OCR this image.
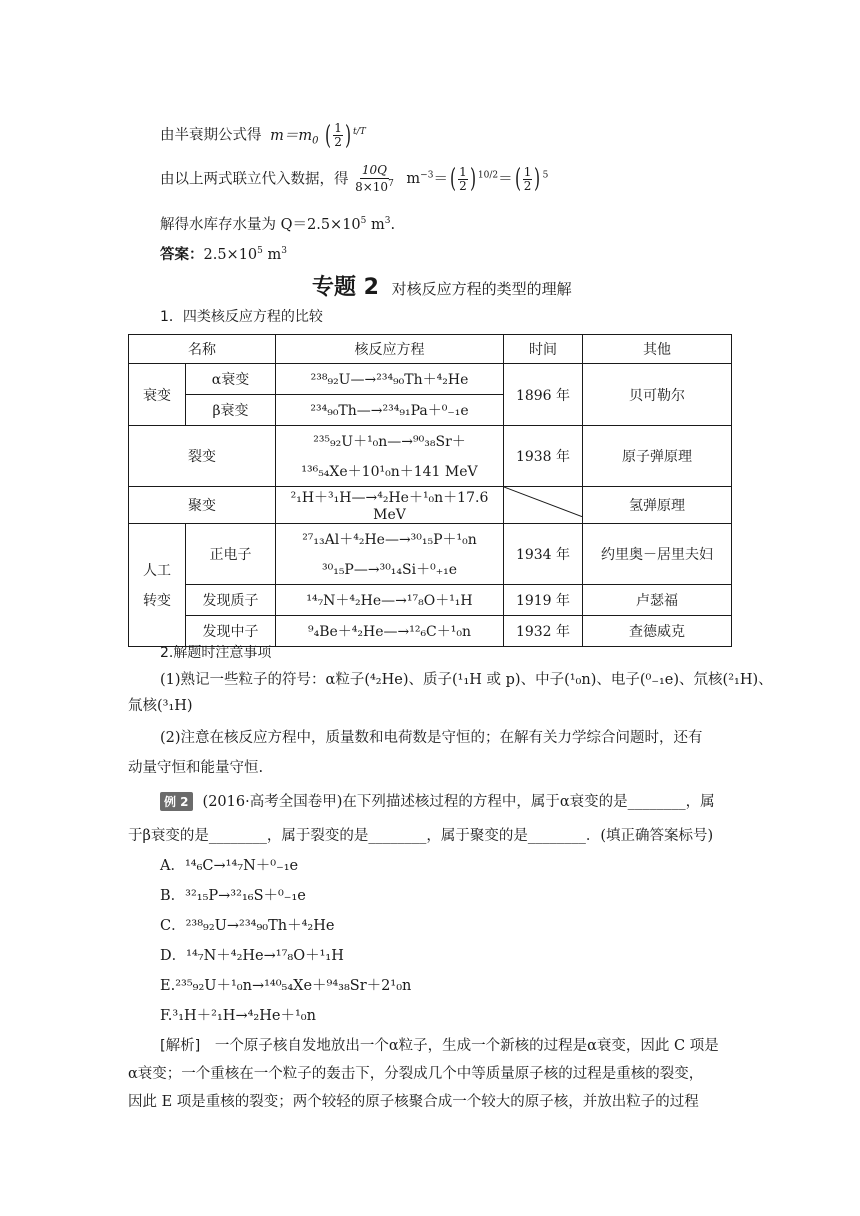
由半衰期公式得 $m=m_0$ ( 1
2 ) $^{t/T}$
由以上两式联立代入数据，得 $\frac{10Q}{8\times 10^7} m^{-3}=$ ( 1
2 ) $^{10/2}$＝ ( 1
2 ) $^5$
解得水库存水量为 $Q=2.5\times 10^5$ $m^3$.
答案：$2.5\times 10^5$ $m^3$
专题 2 对核反应方程的类型的理解
1．四类核反应方程的比较
名称		核反应方程	时间	其他
衰变	α衰变	²³⁸₉₂U—→²³⁴₉₀Th＋⁴₂He	1896 年	贝可勒尔
	β衰变	²³⁴₉₀Th—→²³⁴₉₁Pa＋⁰₋₁e		
裂变		²³⁵₉₂U＋¹₀n—→⁹⁰₃₈Sr＋	1938 年	原子弹原理
		¹³⁶₅₄Xe＋10¹₀n＋141 MeV		
聚变		²₁H＋³₁H—→⁴₂He＋¹₀n＋17.6 MeV		氢弹原理

人工
转变	正电子	²⁷₁₃Al＋⁴₂He—→³⁰₁₅P＋¹₀n	1934 年	约里奥－居里夫妇
		³⁰₁₅P—→³⁰₁₄Si＋⁰₊₁e		
	发现质子	¹⁴₇N＋⁴₂He—→¹⁷₈O＋¹₁H	1919 年	卢瑟福
	发现中子	⁹₄Be＋⁴₂He—→¹²₆C＋¹₀n	1932 年	查德威克
2.解题时注意事项
(1)熟记一些粒子的符号：α粒子(⁴₂He)、质子(¹₁H 或 p)、中子(¹₀n)、电子(⁰₋₁e)、氘核(²₁H)、
氚核(³₁H)
(2)注意在核反应方程中，质量数和电荷数是守恒的；在解有关力学综合问题时，还有
动量守恒和能量守恒.
例 2 (2016·高考全国卷甲)在下列描述核过程的方程中，属于α衰变的是________，属
于β衰变的是________，属于裂变的是________，属于聚变的是________．(填正确答案标号)
A．¹⁴₆C→¹⁴₇N＋⁰₋₁e
B．³²₁₅P→³²₁₆S＋⁰₋₁e
C．²³⁸₉₂U→²³⁴₉₀Th＋⁴₂He
D．¹⁴₇N＋⁴₂He→¹⁷₈O＋¹₁H
E.²³⁵₉₂U＋¹₀n→¹⁴⁰₅₄Xe＋⁹⁴₃₈Sr＋2¹₀n
F.³₁H＋²₁H→⁴₂He＋¹₀n
[解析]　一个原子核自发地放出一个α粒子，生成一个新核的过程是α衰变，因此 C 项是
α衰变；一个重核在一个粒子的轰击下，分裂成几个中等质量原子核的过程是重核的裂变，
因此 E 项是重核的裂变；两个较轻的原子核聚合成一个较大的原子核，并放出粒子的过程
